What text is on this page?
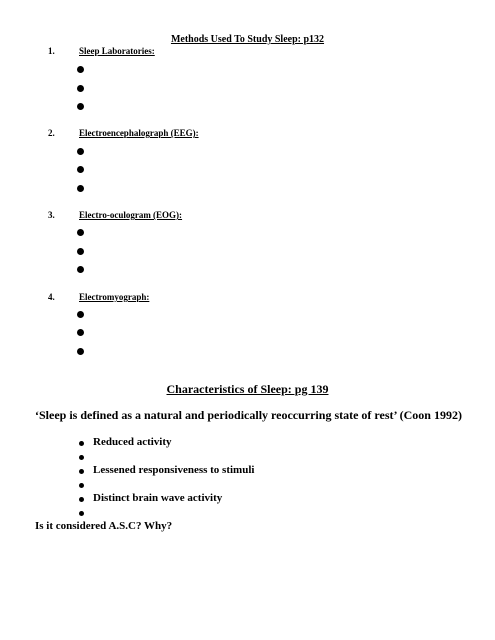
Methods Used To Study Sleep: p132
1.	Sleep Laboratories:
2.	Electroencephalograph (EEG):
3.	Electro-oculogram (EOG):
4.	Electromyograph:
Characteristics of Sleep: pg 139
‘Sleep is defined as a natural and periodically reoccurring state of rest’ (Coon 1992)
Reduced activity
Lessened responsiveness to stimuli
Distinct brain wave activity
Is it considered A.S.C? Why?
